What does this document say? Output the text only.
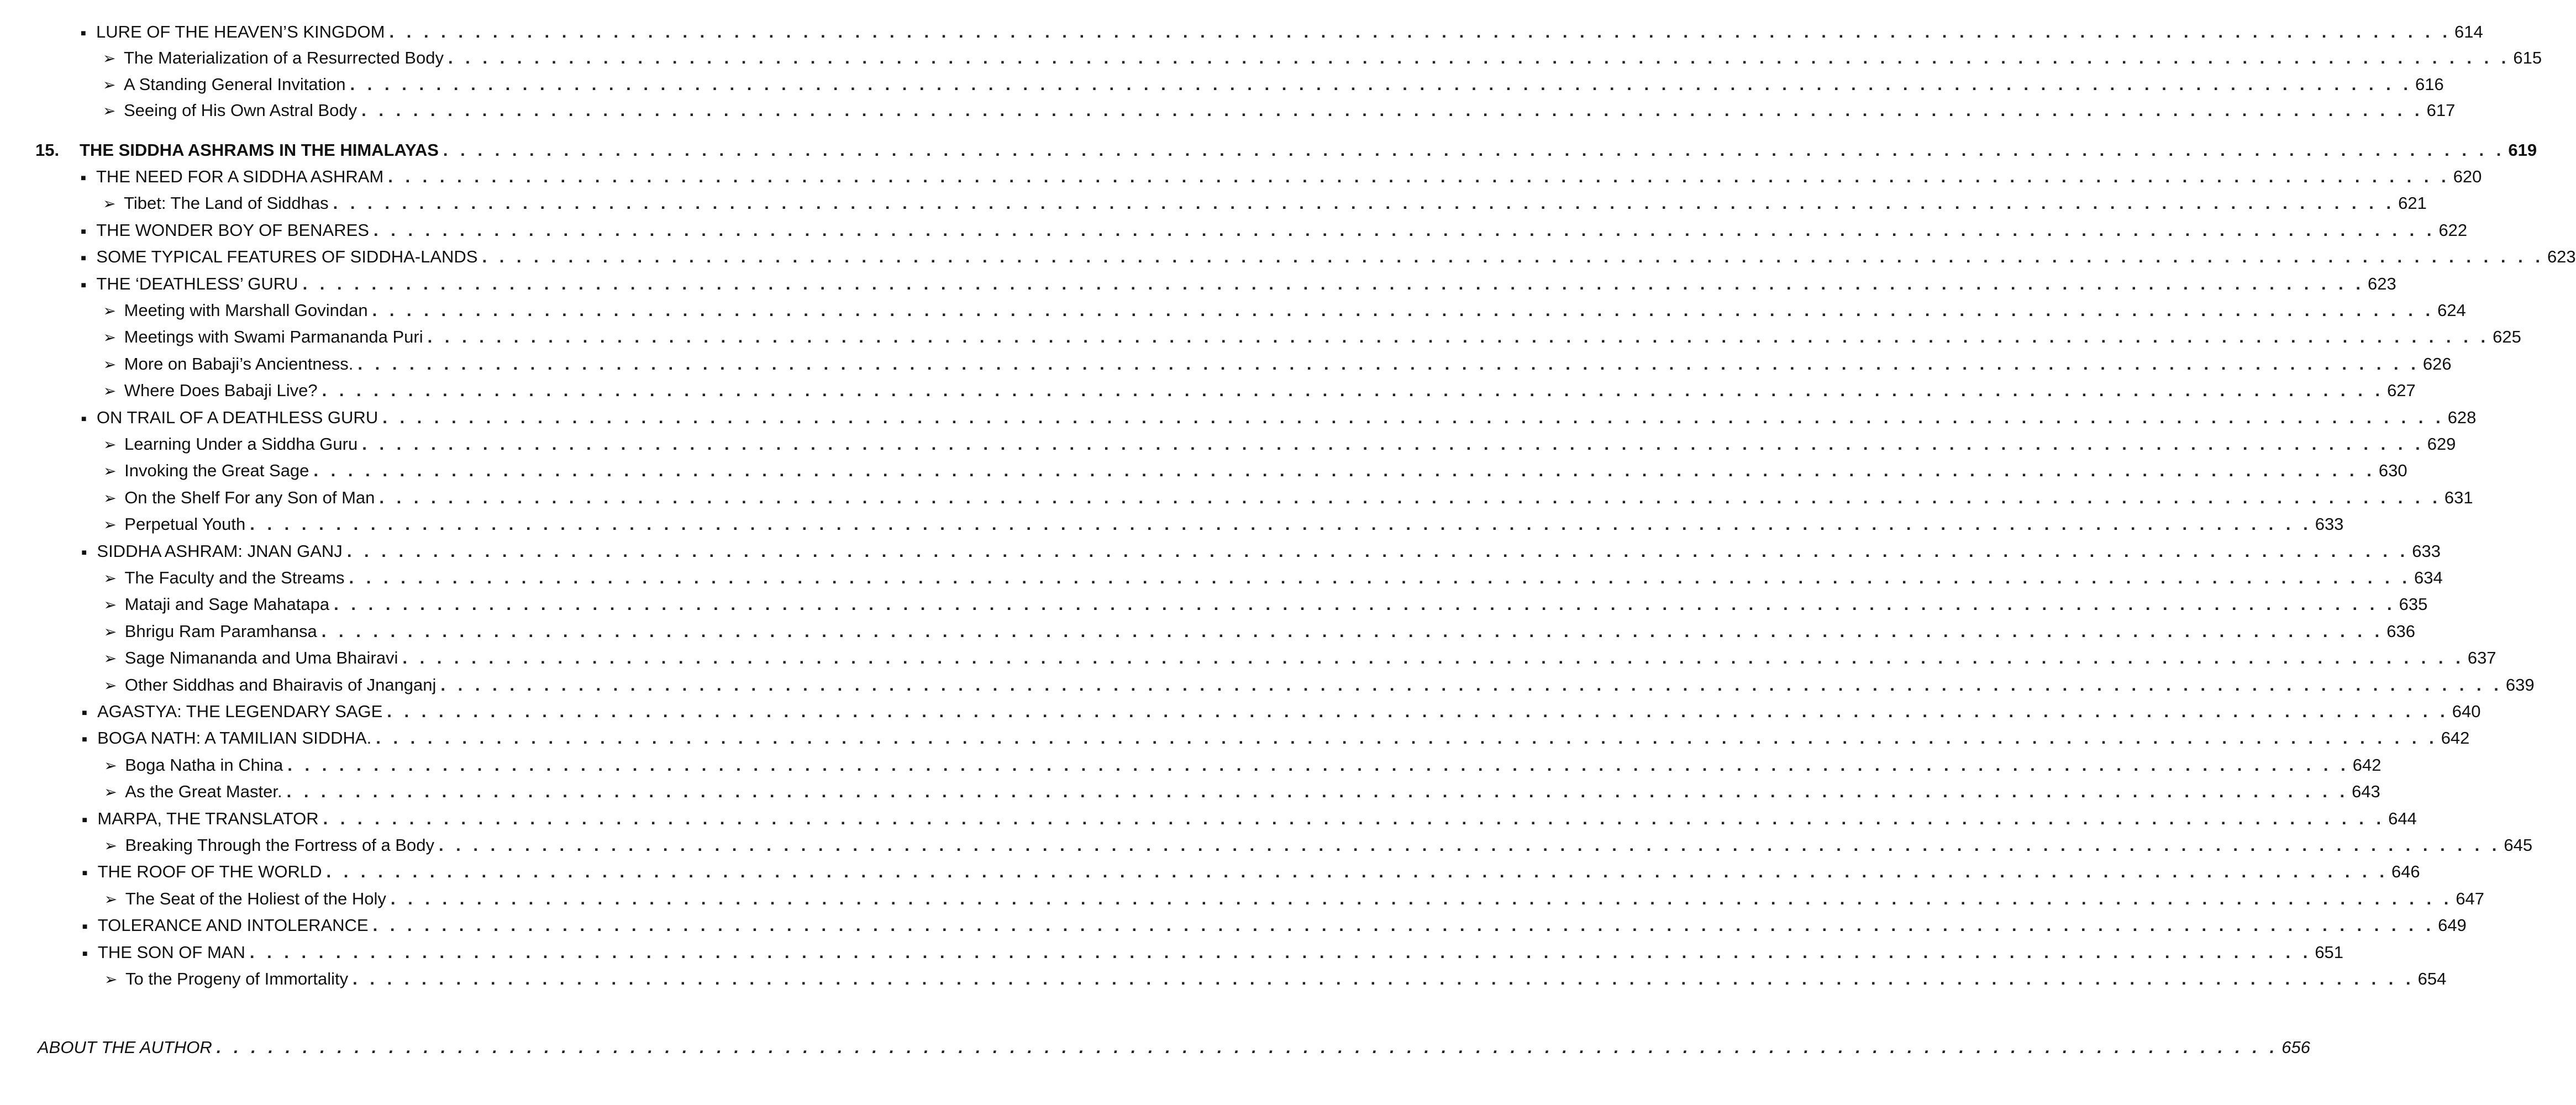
■ LURE OF THE HEAVEN’S KINGDOM . . . . . . . . . . . . . . . . . . . . . . . . . . . . . . . . . . . . . . . . . . . . . . . . . . . . . . . . . . . . . . . . . . . . . . . . . . . . . . . . . . . . . . . . . . . . . . . . . . . . . . . . . . . . . . . . . . . . . . . . 614
➢ The Materialization of a Resurrected Body . . . . . . . . . . . . . . . . . . . . . . . . . . . . . . . . . . . . . . . . . . . . . . . . . . . . . . . . . . . . . . . . . . . . . . . . . . . . . . . . . . . . . . . . . . . . . . . . . . . . . . . . . . . . . . . . . . . . . . . . 615
➢ A Standing General Invitation . . . . . . . . . . . . . . . . . . . . . . . . . . . . . . . . . . . . . . . . . . . . . . . . . . . . . . . . . . . . . . . . . . . . . . . . . . . . . . . . . . . . . . . . . . . . . . . . . . . . . . . . . . . . . . . . . . . . . . . . 616
➢ Seeing of His Own Astral Body . . . . . . . . . . . . . . . . . . . . . . . . . . . . . . . . . . . . . . . . . . . . . . . . . . . . . . . . . . . . . . . . . . . . . . . . . . . . . . . . . . . . . . . . . . . . . . . . . . . . . . . . . . . . . . . . . . . . . . . . 617
15.	THE SIDDHA ASHRAMS IN THE HIMALAYAS . . . . . . . . . . . . . . . . . . . . . . . . . . . . . . . . . . . . . . . . . . . . . . . . . . . . . . . . . . . . . . . . . . . . . . . . . . . . . . . . . . . . . . . . . . . . . . . . . . . . . . . . . . . . . . . . . . . . . . . . 619
■ THE NEED FOR A SIDDHA ASHRAM . . . . . . . . . . . . . . . . . . . . . . . . . . . . . . . . . . . . . . . . . . . . . . . . . . . . . . . . . . . . . . . . . . . . . . . . . . . . . . . . . . . . . . . . . . . . . . . . . . . . . . . . . . . . . . . . . . . . . . . . 620
➢ Tibet: The Land of Siddhas . . . . . . . . . . . . . . . . . . . . . . . . . . . . . . . . . . . . . . . . . . . . . . . . . . . . . . . . . . . . . . . . . . . . . . . . . . . . . . . . . . . . . . . . . . . . . . . . . . . . . . . . . . . . . . . . . . . . . . . . 621
■ THE WONDER BOY OF BENARES . . . . . . . . . . . . . . . . . . . . . . . . . . . . . . . . . . . . . . . . . . . . . . . . . . . . . . . . . . . . . . . . . . . . . . . . . . . . . . . . . . . . . . . . . . . . . . . . . . . . . . . . . . . . . . . . . . . . . . . . 622
■ SOME TYPICAL FEATURES OF SIDDHA-LANDS . . . . . . . . . . . . . . . . . . . . . . . . . . . . . . . . . . . . . . . . . . . . . . . . . . . . . . . . . . . . . . . . . . . . . . . . . . . . . . . . . . . . . . . . . . . . . . . . . . . . . . . . . . . . . . . . . . . . . . . . 623
■ THE ‘DEATHLESS’ GURU . . . . . . . . . . . . . . . . . . . . . . . . . . . . . . . . . . . . . . . . . . . . . . . . . . . . . . . . . . . . . . . . . . . . . . . . . . . . . . . . . . . . . . . . . . . . . . . . . . . . . . . . . . . . . . . . . . . . . . . . 623
➢ Meeting with Marshall Govindan . . . . . . . . . . . . . . . . . . . . . . . . . . . . . . . . . . . . . . . . . . . . . . . . . . . . . . . . . . . . . . . . . . . . . . . . . . . . . . . . . . . . . . . . . . . . . . . . . . . . . . . . . . . . . . . . . . . . . . . . 624
➢ Meetings with Swami Parmananda Puri . . . . . . . . . . . . . . . . . . . . . . . . . . . . . . . . . . . . . . . . . . . . . . . . . . . . . . . . . . . . . . . . . . . . . . . . . . . . . . . . . . . . . . . . . . . . . . . . . . . . . . . . . . . . . . . . . . . . . . . . 625
➢ More on Babaji’s Ancientness. . . . . . . . . . . . . . . . . . . . . . . . . . . . . . . . . . . . . . . . . . . . . . . . . . . . . . . . . . . . . . . . . . . . . . . . . . . . . . . . . . . . . . . . . . . . . . . . . . . . . . . . . . . . . . . . . . . . . . . . . 626
➢ Where Does Babaji Live? . . . . . . . . . . . . . . . . . . . . . . . . . . . . . . . . . . . . . . . . . . . . . . . . . . . . . . . . . . . . . . . . . . . . . . . . . . . . . . . . . . . . . . . . . . . . . . . . . . . . . . . . . . . . . . . . . . . . . . . . 627
■ ON TRAIL OF A DEATHLESS GURU . . . . . . . . . . . . . . . . . . . . . . . . . . . . . . . . . . . . . . . . . . . . . . . . . . . . . . . . . . . . . . . . . . . . . . . . . . . . . . . . . . . . . . . . . . . . . . . . . . . . . . . . . . . . . . . . . . . . . . . . 628
➢ Learning Under a Siddha Guru . . . . . . . . . . . . . . . . . . . . . . . . . . . . . . . . . . . . . . . . . . . . . . . . . . . . . . . . . . . . . . . . . . . . . . . . . . . . . . . . . . . . . . . . . . . . . . . . . . . . . . . . . . . . . . . . . . . . . . . . 629
➢ Invoking the Great Sage . . . . . . . . . . . . . . . . . . . . . . . . . . . . . . . . . . . . . . . . . . . . . . . . . . . . . . . . . . . . . . . . . . . . . . . . . . . . . . . . . . . . . . . . . . . . . . . . . . . . . . . . . . . . . . . . . . . . . . . . 630
➢ On the Shelf For any Son of Man . . . . . . . . . . . . . . . . . . . . . . . . . . . . . . . . . . . . . . . . . . . . . . . . . . . . . . . . . . . . . . . . . . . . . . . . . . . . . . . . . . . . . . . . . . . . . . . . . . . . . . . . . . . . . . . . . . . . . . . . 631
➢ Perpetual Youth . . . . . . . . . . . . . . . . . . . . . . . . . . . . . . . . . . . . . . . . . . . . . . . . . . . . . . . . . . . . . . . . . . . . . . . . . . . . . . . . . . . . . . . . . . . . . . . . . . . . . . . . . . . . . . . . . . . . . . . . 633
■ SIDDHA ASHRAM: JNAN GANJ . . . . . . . . . . . . . . . . . . . . . . . . . . . . . . . . . . . . . . . . . . . . . . . . . . . . . . . . . . . . . . . . . . . . . . . . . . . . . . . . . . . . . . . . . . . . . . . . . . . . . . . . . . . . . . . . . . . . . . . . 633
➢ The Faculty and the Streams . . . . . . . . . . . . . . . . . . . . . . . . . . . . . . . . . . . . . . . . . . . . . . . . . . . . . . . . . . . . . . . . . . . . . . . . . . . . . . . . . . . . . . . . . . . . . . . . . . . . . . . . . . . . . . . . . . . . . . . . 634
➢ Mataji and Sage Mahatapa . . . . . . . . . . . . . . . . . . . . . . . . . . . . . . . . . . . . . . . . . . . . . . . . . . . . . . . . . . . . . . . . . . . . . . . . . . . . . . . . . . . . . . . . . . . . . . . . . . . . . . . . . . . . . . . . . . . . . . . . 635
➢ Bhrigu Ram Paramhansa . . . . . . . . . . . . . . . . . . . . . . . . . . . . . . . . . . . . . . . . . . . . . . . . . . . . . . . . . . . . . . . . . . . . . . . . . . . . . . . . . . . . . . . . . . . . . . . . . . . . . . . . . . . . . . . . . . . . . . . . 636
➢ Sage Nimananda and Uma Bhairavi . . . . . . . . . . . . . . . . . . . . . . . . . . . . . . . . . . . . . . . . . . . . . . . . . . . . . . . . . . . . . . . . . . . . . . . . . . . . . . . . . . . . . . . . . . . . . . . . . . . . . . . . . . . . . . . . . . . . . . . . 637
➢ Other Siddhas and Bhairavis of Jnanganj . . . . . . . . . . . . . . . . . . . . . . . . . . . . . . . . . . . . . . . . . . . . . . . . . . . . . . . . . . . . . . . . . . . . . . . . . . . . . . . . . . . . . . . . . . . . . . . . . . . . . . . . . . . . . . . . . . . . . . . . 639
■ AGASTYA: THE LEGENDARY SAGE . . . . . . . . . . . . . . . . . . . . . . . . . . . . . . . . . . . . . . . . . . . . . . . . . . . . . . . . . . . . . . . . . . . . . . . . . . . . . . . . . . . . . . . . . . . . . . . . . . . . . . . . . . . . . . . . . . . . . . . . 640
■ BOGA NATH: A TAMILIAN SIDDHA. . . . . . . . . . . . . . . . . . . . . . . . . . . . . . . . . . . . . . . . . . . . . . . . . . . . . . . . . . . . . . . . . . . . . . . . . . . . . . . . . . . . . . . . . . . . . . . . . . . . . . . . . . . . . . . . . . . . . . . . . 642
➢ Boga Natha in China . . . . . . . . . . . . . . . . . . . . . . . . . . . . . . . . . . . . . . . . . . . . . . . . . . . . . . . . . . . . . . . . . . . . . . . . . . . . . . . . . . . . . . . . . . . . . . . . . . . . . . . . . . . . . . . . . . . . . . . . 642
➢ As the Great Master. . . . . . . . . . . . . . . . . . . . . . . . . . . . . . . . . . . . . . . . . . . . . . . . . . . . . . . . . . . . . . . . . . . . . . . . . . . . . . . . . . . . . . . . . . . . . . . . . . . . . . . . . . . . . . . . . . . . . . . . . 643
■ MARPA, THE TRANSLATOR . . . . . . . . . . . . . . . . . . . . . . . . . . . . . . . . . . . . . . . . . . . . . . . . . . . . . . . . . . . . . . . . . . . . . . . . . . . . . . . . . . . . . . . . . . . . . . . . . . . . . . . . . . . . . . . . . . . . . . . . 644
➢ Breaking Through the Fortress of a Body . . . . . . . . . . . . . . . . . . . . . . . . . . . . . . . . . . . . . . . . . . . . . . . . . . . . . . . . . . . . . . . . . . . . . . . . . . . . . . . . . . . . . . . . . . . . . . . . . . . . . . . . . . . . . . . . . . . . . . . . 645
■ THE ROOF OF THE WORLD . . . . . . . . . . . . . . . . . . . . . . . . . . . . . . . . . . . . . . . . . . . . . . . . . . . . . . . . . . . . . . . . . . . . . . . . . . . . . . . . . . . . . . . . . . . . . . . . . . . . . . . . . . . . . . . . . . . . . . . . 646
➢ The Seat of the Holiest of the Holy . . . . . . . . . . . . . . . . . . . . . . . . . . . . . . . . . . . . . . . . . . . . . . . . . . . . . . . . . . . . . . . . . . . . . . . . . . . . . . . . . . . . . . . . . . . . . . . . . . . . . . . . . . . . . . . . . . . . . . . . 647
■ TOLERANCE AND INTOLERANCE . . . . . . . . . . . . . . . . . . . . . . . . . . . . . . . . . . . . . . . . . . . . . . . . . . . . . . . . . . . . . . . . . . . . . . . . . . . . . . . . . . . . . . . . . . . . . . . . . . . . . . . . . . . . . . . . . . . . . . . . 649
■ THE SON OF MAN . . . . . . . . . . . . . . . . . . . . . . . . . . . . . . . . . . . . . . . . . . . . . . . . . . . . . . . . . . . . . . . . . . . . . . . . . . . . . . . . . . . . . . . . . . . . . . . . . . . . . . . . . . . . . . . . . . . . . . . . 651
➢ To the Progeny of Immortality . . . . . . . . . . . . . . . . . . . . . . . . . . . . . . . . . . . . . . . . . . . . . . . . . . . . . . . . . . . . . . . . . . . . . . . . . . . . . . . . . . . . . . . . . . . . . . . . . . . . . . . . . . . . . . . . . . . . . . . . 654
ABOUT THE AUTHOR . . . . . . . . . . . . . . . . . . . . . . . . . . . . . . . . . . . . . . . . . . . . . . . . . . . . . . . . . . . . . . . . . . . . . . . . . . . . . . . . . . . . . . . . . . . . . . . . . . . . . . . . . . . . . . . . . . . . . . . . 656
